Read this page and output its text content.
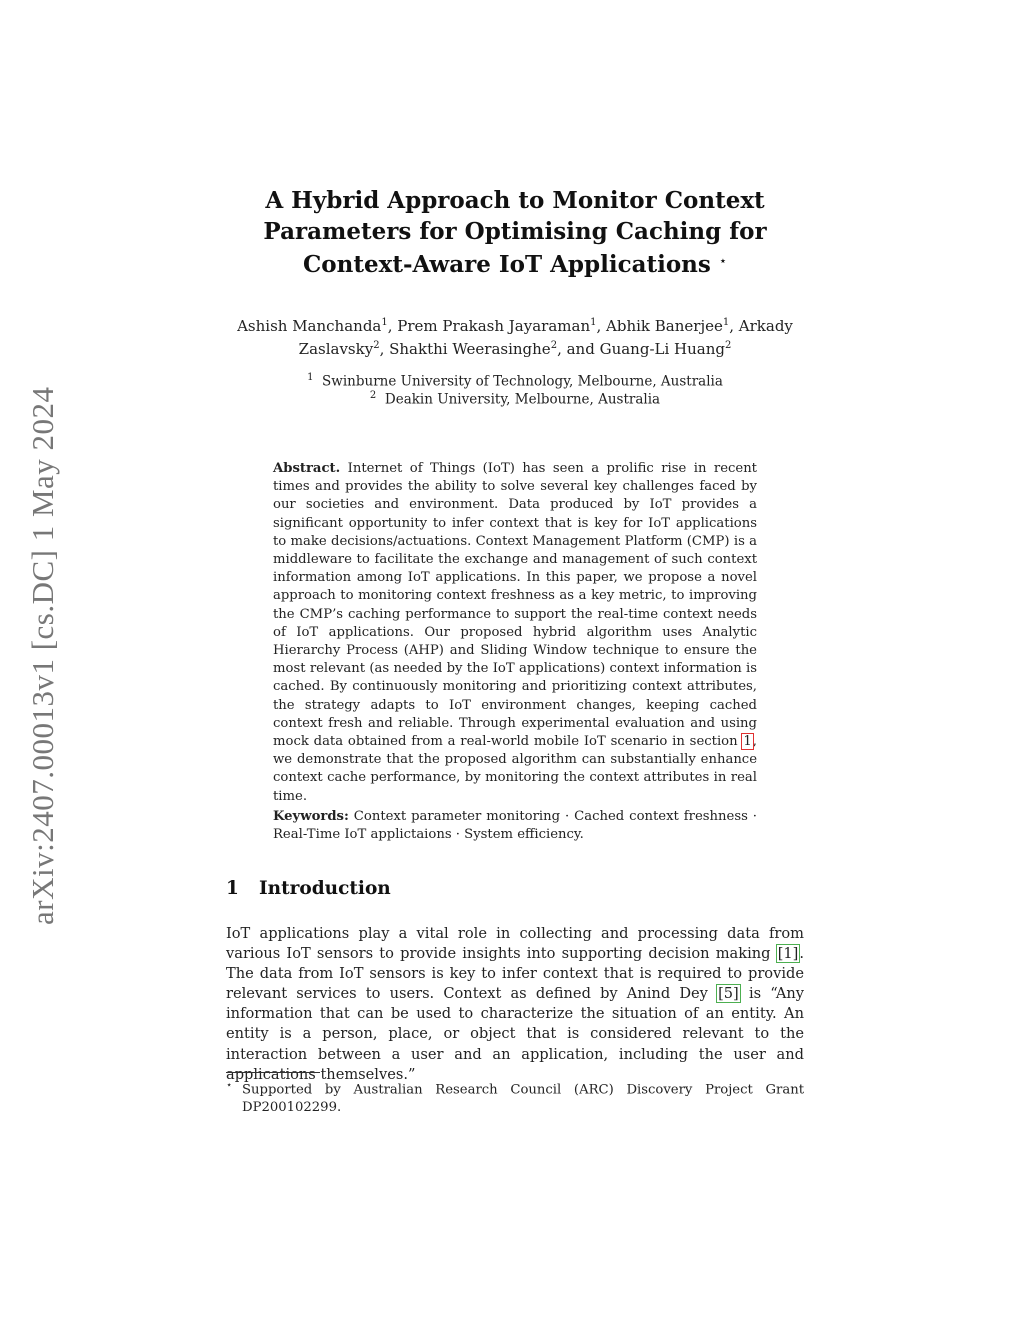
arXiv:2407.00013v1 [cs.DC] 1 May 2024
A Hybrid Approach to Monitor Context
Parameters for Optimising Caching for
Context-Aware IoT Applications ⋆
Ashish Manchanda$^1$, Prem Prakash Jayaraman$^1$, Abhik Banerjee$^1$, Arkady Zaslavsky$^2$, Shakthi Weerasinghe$^2$, and Guang-Li Huang$^2$
$^1$ Swinburne University of Technology, Melbourne, Australia
$^2$ Deakin University, Melbourne, Australia

Abstract. Internet of Things (IoT) has seen a prolific rise in recent times and provides the ability to solve several key challenges faced by our societies and environment. Data produced by IoT provides a significant opportunity to infer context that is key for IoT applications to make decisions/actuations. Context Management Platform (CMP) is a middleware to facilitate the exchange and management of such context information among IoT applications. In this paper, we propose a novel approach to monitoring context freshness as a key metric, to improving the CMP’s caching performance to support the real-time context needs of IoT applications. Our proposed hybrid algorithm uses Analytic Hierarchy Process (AHP) and Sliding Window technique to ensure the most relevant (as needed by the IoT applications) context information is cached. By continuously monitoring and prioritizing context attributes, the strategy adapts to IoT environment changes, keeping cached context fresh and reliable. Through experimental evaluation and using mock data obtained from a real-world mobile IoT scenario in section 1, we demonstrate that the proposed algorithm can substantially enhance context cache performance, by monitoring the context attributes in real time.

Keywords: Context parameter monitoring · Cached context freshness · Real-Time IoT applictaions · System efficiency.

1 Introduction

IoT applications play a vital role in collecting and processing data from various IoT sensors to provide insights into supporting decision making [1]. The data from IoT sensors is key to infer context that is required to provide relevant services to users. Context as defined by Anind Dey [5] is “Any information that can be used to characterize the situation of an entity. An entity is a person, place, or object that is considered relevant to the interaction between a user and an application, including the user and applications themselves.”

⋆ Supported by Australian Research Council (ARC) Discovery Project Grant DP200102299.
